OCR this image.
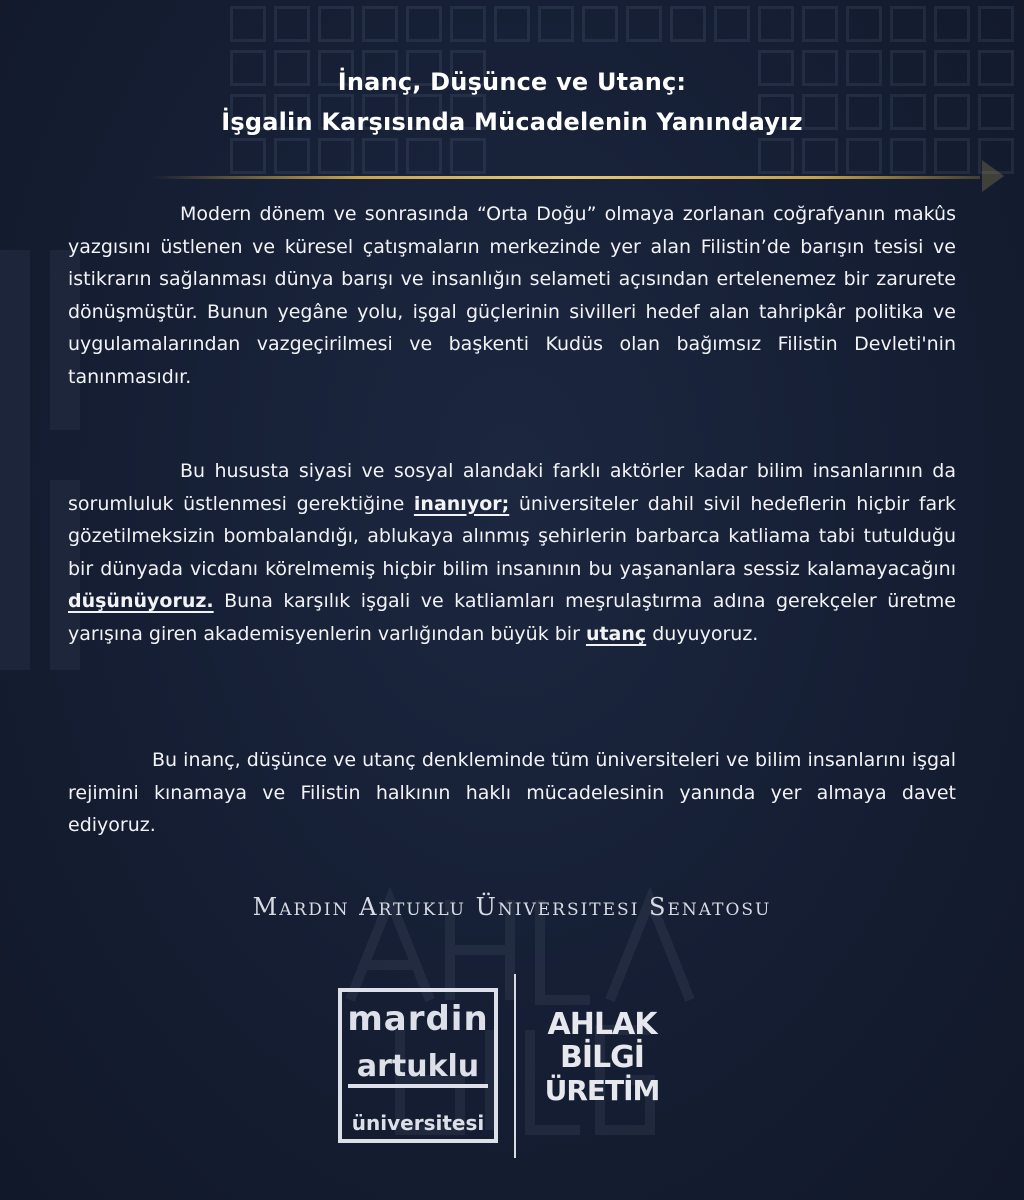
İnanç, Düşünce ve Utanç:
İşgalin Karşısında Mücadelenin Yanındayız
Modern dönem ve sonrasında “Orta Doğu” olmaya zorlanan coğrafyanın makûs yazgısını üstlenen ve küresel çatışmaların merkezinde yer alan Filistin’de barışın tesisi ve istikrarın sağlanması dünya barışı ve insanlığın selameti açısından ertelenemez bir zarurete dönüşmüştür. Bunun yegâne yolu, işgal güçlerinin sivilleri hedef alan tahripkâr politika ve uygulamalarından vazgeçirilmesi ve başkenti Kudüs olan bağımsız Filistin Devleti'nin tanınmasıdır.
Bu hususta siyasi ve sosyal alandaki farklı aktörler kadar bilim insanlarının da sorumluluk üstlenmesi gerektiğine inanıyor; üniversiteler dahil sivil hedeflerin hiçbir fark gözetilmeksizin bombalandığı, ablukaya alınmış şehirlerin barbarca katliama tabi tutulduğu bir dünyada vicdanı körelmemiş hiçbir bilim insanının bu yaşananlara sessiz kalamayacağını düşünüyoruz. Buna karşılık işgali ve katliamları meşrulaştırma adına gerekçeler üretme yarışına giren akademisyenlerin varlığından büyük bir utanç duyuyoruz.
Bu inanç, düşünce ve utanç denkleminde tüm üniversiteleri ve bilim insanlarını işgal rejimini kınamaya ve Filistin halkının haklı mücadelesinin yanında yer almaya davet ediyoruz.
Mardin Artuklu Üniversitesi Senatosu
mardin
artuklu
üniversitesi
AHLAK
BİLGİ
ÜRETİM
